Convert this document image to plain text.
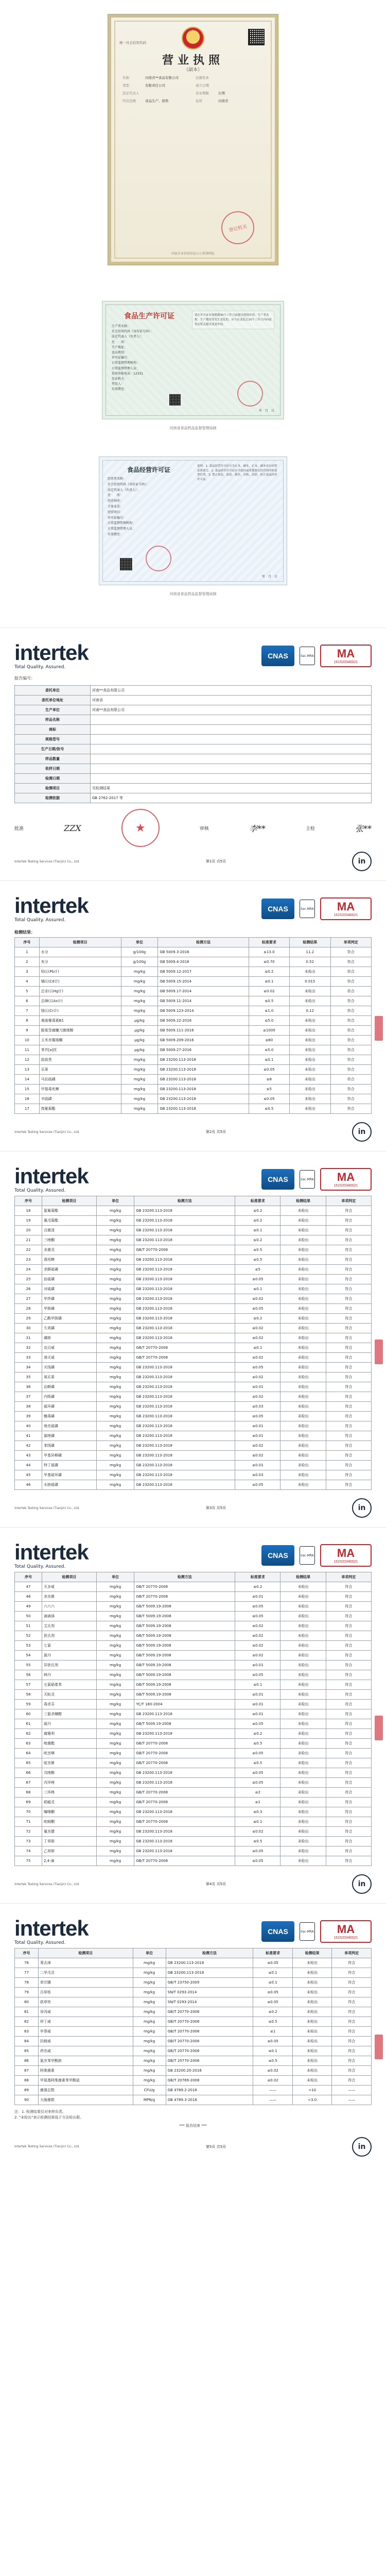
统一社会信用代码
营业执照
（副本）
名称	河南省**食品有限公司	注册资本
类型	有限责任公司	成立日期
法定代表人	营业期限	长期
经营范围	食品生产、销售	住所	河南省
登记机关
国家企业信用信息公示系统网址
食品生产许可证
生产者名称：
社会信用代码（身份证号码）：
法定代表人（负责人）：
住　　所：
生产地址：
食品类别：
许可证编号：
日常监督管理机构：
日常监督管理人员：
投诉举报电话：12331
发证机关：
签发人：
有效期至：
请在许可证有效期满30个工作日前提出延续申请。生产者名称、生产地址等发生变化的，应当在变化后10个工作日内向原发证机关提出变更申请。
年　月　日
河南省食品药品监督管理局制
食品经营许可证
经营者名称：
社会信用代码（身份证号码）：
法定代表人（负责人）：
住　　所：
经营场所：
主体业态：
经营项目：
许可证编号：
日常监督管理机构：
日常监督管理人员：
有效期至：
说明：1. 食品经营许可证分为正本、副本，正本、副本具有同等法律效力。2. 食品经营许可证应当悬挂或者摆放在经营场所的显著位置。3. 禁止伪造、涂改、倒卖、出租、出借、转让食品经营许可证。
年　月　日
河南省食品药品监督管理局制
intertek
Total Quality. Assured.
CNAS	ilac-MRA MA
161520340021
报告编号：
委托单位	河南**食品有限公司
委托单位地址	河南省
生产单位	河南**食品有限公司
样品名称	
商标	
规格型号	
生产日期/批号	
样品数量	
收样日期	
检测日期	
检测项目	见检测结果
检测依据	GB 2762-2017 等
批准	ZZX	★	审核	李**	主检	张**
Intertek Testing Services (Tianjin) Co., Ltd.	第1页 共5页	in
intertek
Total Quality. Assured.
CNAS	ilac-MRA MA
161520340021
检测结果：
序号	检测项目	单位	检测方法	标准要求	检测结果	单项判定
1	水分	g/100g	GB 5009.3-2016	≤13.0	11.2	符合
2	灰分	g/100g	GB 5009.4-2016	≤0.70	0.52	符合
3	铅(以Pb计)	mg/kg	GB 5009.12-2017	≤0.2	未检出	符合
4	镉(以Cd计)	mg/kg	GB 5009.15-2014	≤0.1	0.015	符合
5	总汞(以Hg计)	mg/kg	GB 5009.17-2014	≤0.02	未检出	符合
6	总砷(以As计)	mg/kg	GB 5009.11-2014	≤0.5	未检出	符合
7	铬(以Cr计)	mg/kg	GB 5009.123-2014	≤1.0	0.12	符合
8	黄曲霉毒素B1	μg/kg	GB 5009.22-2016	≤5.0	未检出	符合
9	脱氧雪腐镰刀菌烯醇	μg/kg	GB 5009.111-2016	≤1000	未检出	符合
10	玉米赤霉烯酮	μg/kg	GB 5009.209-2016	≤60	未检出	符合
11	苯并[a]芘	μg/kg	GB 5009.27-2016	≤5.0	未检出	符合
12	敌敌畏	mg/kg	GB 23200.113-2018	≤0.1	未检出	符合
13	乐果	mg/kg	GB 23200.113-2018	≤0.05	未检出	符合
14	马拉硫磷	mg/kg	GB 23200.113-2018	≤8	未检出	符合
15	甲基毒死蜱	mg/kg	GB 23200.113-2018	≤5	未检出	符合
16	辛硫磷	mg/kg	GB 23200.113-2018	≤0.05	未检出	符合
17	溴氰菊酯	mg/kg	GB 23200.113-2018	≤0.5	未检出	符合
Intertek Testing Services (Tianjin) Co., Ltd.	第2页 共5页	in
intertek
Total Quality. Assured.
CNAS	ilac-MRA MA
161520340021
序号	检测项目	单位	检测方法	标准要求	检测结果	单项判定
18	氯氰菊酯	mg/kg	GB 23200.113-2018	≤0.2	未检出	符合
19	氰戊菊酯	mg/kg	GB 23200.113-2018	≤0.2	未检出	符合
20	百菌清	mg/kg	GB 23200.113-2018	≤0.1	未检出	符合
21	三唑酮	mg/kg	GB 23200.113-2018	≤0.2	未检出	符合
22	多菌灵	mg/kg	GB/T 20770-2008	≤0.5	未检出	符合
23	毒死蜱	mg/kg	GB 23200.113-2018	≤0.5	未检出	符合
24	杀螟硫磷	mg/kg	GB 23200.113-2018	≤5	未检出	符合
25	倍硫磷	mg/kg	GB 23200.113-2018	≤0.05	未检出	符合
26	对硫磷	mg/kg	GB 23200.113-2018	≤0.1	未检出	符合
27	甲拌磷	mg/kg	GB 23200.113-2018	≤0.02	未检出	符合
28	甲胺磷	mg/kg	GB 23200.113-2018	≤0.05	未检出	符合
29	乙酰甲胺磷	mg/kg	GB 23200.113-2018	≤0.2	未检出	符合
30	久效磷	mg/kg	GB 23200.113-2018	≤0.02	未检出	符合
31	磷胺	mg/kg	GB 23200.113-2018	≤0.02	未检出	符合
32	克百威	mg/kg	GB/T 20770-2008	≤0.1	未检出	符合
33	涕灭威	mg/kg	GB/T 20770-2008	≤0.02	未检出	符合
34	灭线磷	mg/kg	GB 23200.113-2018	≤0.05	未检出	符合
35	氧乐果	mg/kg	GB 23200.113-2018	≤0.02	未检出	符合
36	治螟磷	mg/kg	GB 23200.113-2018	≤0.01	未检出	符合
37	内吸磷	mg/kg	GB 23200.113-2018	≤0.02	未检出	符合
38	硫环磷	mg/kg	GB 23200.113-2018	≤0.03	未检出	符合
39	蝇毒磷	mg/kg	GB 23200.113-2018	≤0.05	未检出	符合
40	地虫硫磷	mg/kg	GB 23200.113-2018	≤0.01	未检出	符合
41	氯唑磷	mg/kg	GB 23200.113-2018	≤0.01	未检出	符合
42	苯线磷	mg/kg	GB 23200.113-2018	≤0.02	未检出	符合
43	甲基异柳磷	mg/kg	GB 23200.113-2018	≤0.02	未检出	符合
44	特丁硫磷	mg/kg	GB 23200.113-2018	≤0.01	未检出	符合
45	甲基硫环磷	mg/kg	GB 23200.113-2018	≤0.03	未检出	符合
46	水胺硫磷	mg/kg	GB 23200.113-2018	≤0.05	未检出	符合
Intertek Testing Services (Tianjin) Co., Ltd.	第3页 共5页	in
intertek
Total Quality. Assured.
CNAS	ilac-MRA MA
161520340021
序号	检测项目	单位	检测方法	标准要求	检测结果	单项判定
47	灭多威	mg/kg	GB/T 20770-2008	≤0.2	未检出	符合
48	杀虫脒	mg/kg	GB/T 20770-2008	≤0.01	未检出	符合
49	六六六	mg/kg	GB/T 5009.19-2008	≤0.05	未检出	符合
50	滴滴涕	mg/kg	GB/T 5009.19-2008	≤0.05	未检出	符合
51	艾氏剂	mg/kg	GB/T 5009.19-2008	≤0.02	未检出	符合
52	狄氏剂	mg/kg	GB/T 5009.19-2008	≤0.02	未检出	符合
53	七氯	mg/kg	GB/T 5009.19-2008	≤0.02	未检出	符合
54	氯丹	mg/kg	GB/T 5009.19-2008	≤0.02	未检出	符合
55	异狄氏剂	mg/kg	GB/T 5009.19-2008	≤0.01	未检出	符合
56	林丹	mg/kg	GB/T 5009.19-2008	≤0.05	未检出	符合
57	五氯硝基苯	mg/kg	GB/T 5009.19-2008	≤0.1	未检出	符合
58	灭蚁灵	mg/kg	GB/T 5009.19-2008	≤0.01	未检出	符合
59	毒杀芬	mg/kg	YC/T 180-2004	≤0.01	未检出	符合
60	三氯杀螨醇	mg/kg	GB 23200.113-2018	≤0.01	未检出	符合
61	硫丹	mg/kg	GB/T 5009.19-2008	≤0.05	未检出	符合
62	腐霉利	mg/kg	GB 23200.113-2018	≤0.2	未检出	符合
63	嘧菌酯	mg/kg	GB/T 20770-2008	≤0.5	未检出	符合
64	吡虫啉	mg/kg	GB/T 20770-2008	≤0.05	未检出	符合
65	啶虫脒	mg/kg	GB/T 20770-2008	≤0.5	未检出	符合
66	戊唑醇	mg/kg	GB 23200.113-2018	≤0.05	未检出	符合
67	丙环唑	mg/kg	GB 23200.113-2018	≤0.05	未检出	符合
68	三环唑	mg/kg	GB/T 20770-2008	≤2	未检出	符合
69	稻瘟灵	mg/kg	GB/T 20770-2008	≤1	未检出	符合
70	噻嗪酮	mg/kg	GB 23200.113-2018	≤0.3	未检出	符合
71	吡蚜酮	mg/kg	GB/T 20770-2008	≤0.1	未检出	符合
72	氟虫腈	mg/kg	GB 23200.113-2018	≤0.02	未检出	符合
73	丁草胺	mg/kg	GB 23200.113-2018	≤0.5	未检出	符合
74	乙草胺	mg/kg	GB 23200.113-2018	≤0.05	未检出	符合
75	2,4-滴	mg/kg	GB/T 20770-2008	≤0.05	未检出	符合
Intertek Testing Services (Tianjin) Co., Ltd.	第4页 共5页	in
intertek
Total Quality. Assured.
CNAS	ilac-MRA MA
161520340021
序号	检测项目	单位	检测方法	标准要求	检测结果	单项判定
76	莠去津	mg/kg	GB 23200.113-2018	≤0.05	未检出	符合
77	二甲戊灵	mg/kg	GB 23200.113-2018	≤0.1	未检出	符合
78	草甘膦	mg/kg	GB/T 23750-2009	≤0.1	未检出	符合
79	百草枯	mg/kg	SN/T 0293-2014	≤0.05	未检出	符合
80	敌草快	mg/kg	SN/T 0293-2014	≤0.05	未检出	符合
81	异丙威	mg/kg	GB/T 20770-2008	≤0.2	未检出	符合
82	仲丁威	mg/kg	GB/T 20770-2008	≤0.5	未检出	符合
83	甲萘威	mg/kg	GB/T 20770-2008	≤1	未检出	符合
84	抗蚜威	mg/kg	GB/T 20770-2008	≤0.05	未检出	符合
85	茚虫威	mg/kg	GB/T 20770-2008	≤0.1	未检出	符合
86	氯虫苯甲酰胺	mg/kg	GB/T 20770-2008	≤0.5	未检出	符合
87	阿维菌素	mg/kg	GB 23200.20-2016	≤0.02	未检出	符合
88	甲氨基阿维菌素苯甲酸盐	mg/kg	GB/T 20769-2008	≤0.02	未检出	符合
89	菌落总数	CFU/g	GB 4789.2-2016	——	<10	——
90	大肠菌群	MPN/g	GB 4789.3-2016	——	<3.0	——
注：1. 检测结果仅对来样负责。
2. "未检出"表示检测结果低于方法检出限。
*** 报告结束 ***
Intertek Testing Services (Tianjin) Co., Ltd.	第5页 共5页	in
